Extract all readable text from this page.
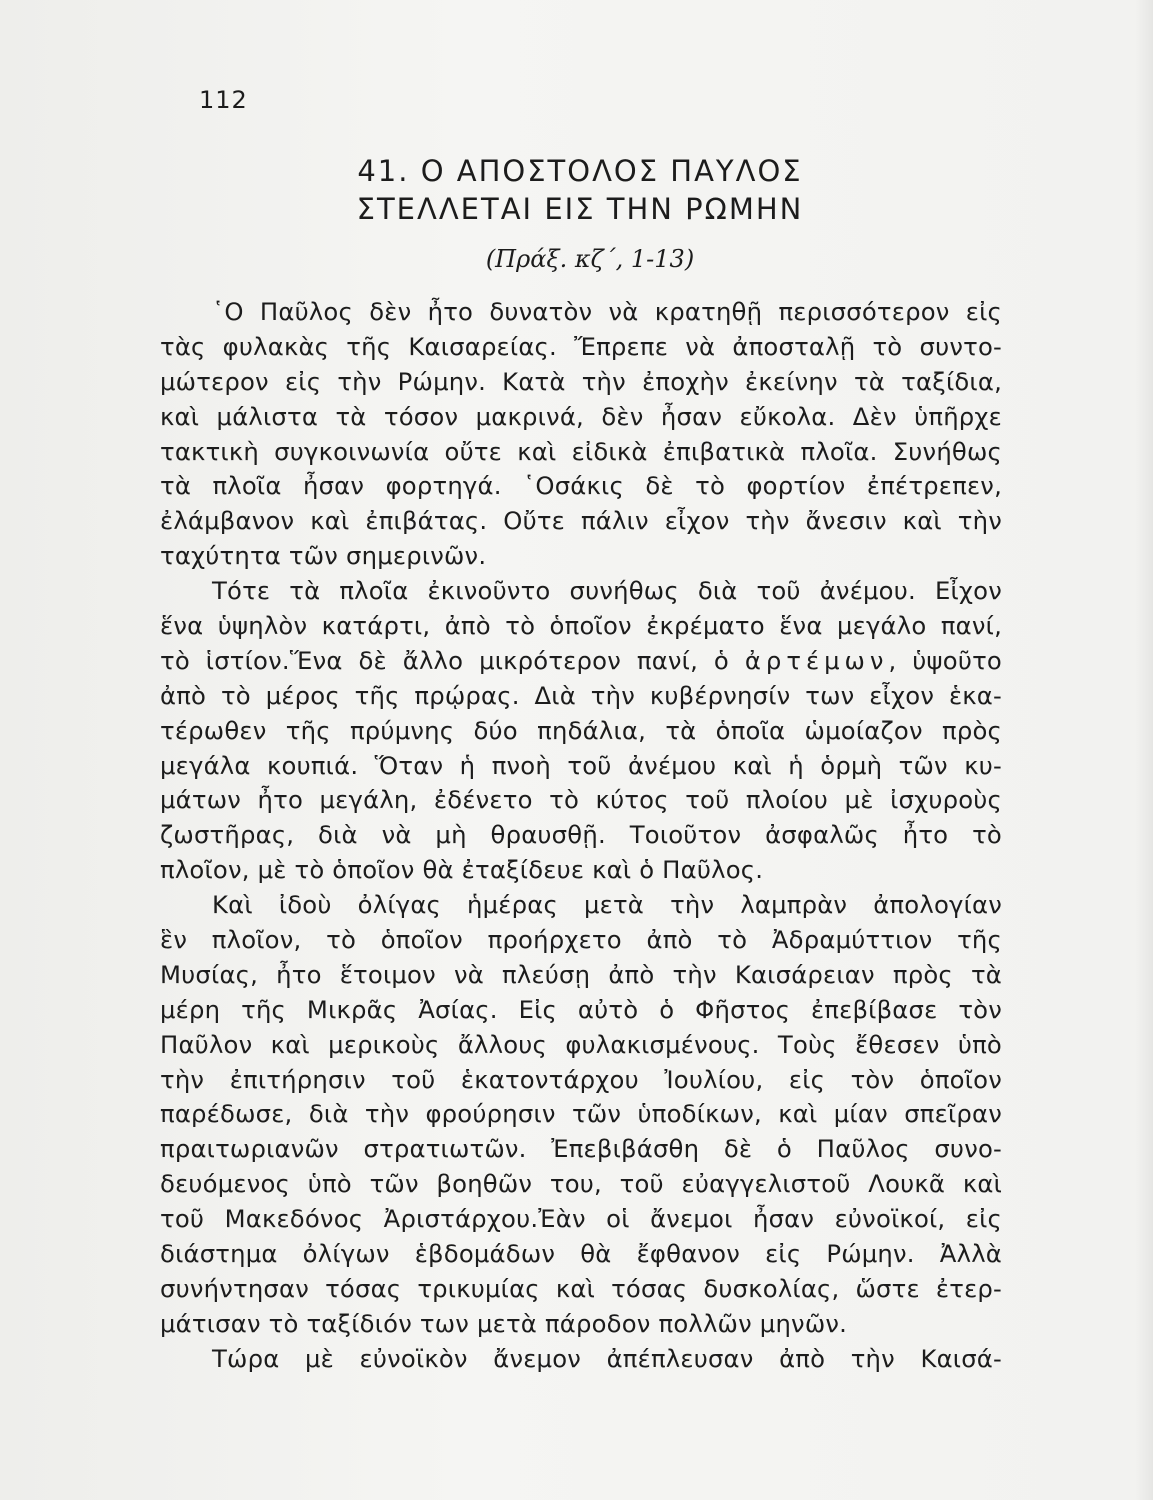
112
41. Ο ΑΠΟΣΤΟΛΟΣ ΠΑΥΛΟΣ
ΣΤΕΛΛΕΤΑΙ ΕΙΣ ΤΗΝ ΡΩΜΗΝ
(Πράξ. κζ΄, 1-13)
῾Ο Παῦλος δὲν ἦτο δυνατὸν νὰ κρατηθῇ περισσότερον εἰς
τὰς φυλακὰς τῆς Καισαρείας. Ἔπρεπε νὰ ἀποσταλῇ τὸ συντο-
μώτερον εἰς τὴν Ρώμην. Κατὰ τὴν ἐποχὴν ἐκείνην τὰ ταξίδια,
καὶ μάλιστα τὰ τόσον μακρινά, δὲν ἦσαν εὔκολα. Δὲν ὑπῆρχε
τακτικὴ συγκοινωνία οὔτε καὶ εἰδικὰ ἐπιβατικὰ πλοῖα. Συνήθως
τὰ πλοῖα ἦσαν φορτηγά. ῾Οσάκις δὲ τὸ φορτίον ἐπέτρεπεν,
ἐλάμβανον καὶ ἐπιβάτας. Οὔτε πάλιν εἶχον τὴν ἄνεσιν καὶ τὴν
ταχύτητα τῶν σημερινῶν.
Τότε τὰ πλοῖα ἐκινοῦντο συνήθως διὰ τοῦ ἀνέμου. Εἶχον
ἕνα ὑψηλὸν κατάρτι, ἀπὸ τὸ ὁποῖον ἐκρέματο ἕνα μεγάλο πανί,
τὸ ἱστίον.Ἕνα δὲ ἄλλο μικρότερον πανί, ὁ ἀρτέμων, ὑψοῦτο
ἀπὸ τὸ μέρος τῆς πρῴρας. Διὰ τὴν κυβέρνησίν των εἶχον ἑκα-
τέρωθεν τῆς πρύμνης δύο πηδάλια, τὰ ὁποῖα ὡμοίαζον πρὸς
μεγάλα κουπιά. Ὅταν ἡ πνοὴ τοῦ ἀνέμου καὶ ἡ ὁρμὴ τῶν κυ-
μάτων ἦτο μεγάλη, ἐδένετο τὸ κύτος τοῦ πλοίου μὲ ἰσχυροὺς
ζωστῆρας, διὰ νὰ μὴ θραυσθῇ. Τοιοῦτον ἀσφαλῶς ἦτο τὸ
πλοῖον, μὲ τὸ ὁποῖον θὰ ἐταξίδευε καὶ ὁ Παῦλος.
Καὶ ἰδοὺ ὀλίγας ἡμέρας μετὰ τὴν λαμπρὰν ἀπολογίαν
ἓν πλοῖον, τὸ ὁποῖον προήρχετο ἀπὸ τὸ Ἀδραμύττιον τῆς
Μυσίας, ἦτο ἕτοιμον νὰ πλεύσῃ ἀπὸ τὴν Καισάρειαν πρὸς τὰ
μέρη τῆς Μικρᾶς Ἀσίας. Εἰς αὐτὸ ὁ Φῆστος ἐπεβίβασε τὸν
Παῦλον καὶ μερικοὺς ἄλλους φυλακισμένους. Τοὺς ἔθεσεν ὑπὸ
τὴν ἐπιτήρησιν τοῦ ἑκατοντάρχου Ἰουλίου, εἰς τὸν ὁποῖον
παρέδωσε, διὰ τὴν φρούρησιν τῶν ὑποδίκων, καὶ μίαν σπεῖραν
πραιτωριανῶν στρατιωτῶν. Ἐπεβιβάσθη δὲ ὁ Παῦλος συνο-
δευόμενος ὑπὸ τῶν βοηθῶν του, τοῦ εὐαγγελιστοῦ Λουκᾶ καὶ
τοῦ Μακεδόνος Ἀριστάρχου.Ἐὰν οἱ ἄνεμοι ἦσαν εὐνοϊκοί, εἰς
διάστημα ὀλίγων ἑβδομάδων θὰ ἔφθανον εἰς Ρώμην. Ἀλλὰ
συνήντησαν τόσας τρικυμίας καὶ τόσας δυσκολίας, ὥστε ἐτερ-
μάτισαν τὸ ταξίδιόν των μετὰ πάροδον πολλῶν μηνῶν.
Τώρα μὲ εὐνοϊκὸν ἄνεμον ἀπέπλευσαν ἀπὸ τὴν Καισά-
